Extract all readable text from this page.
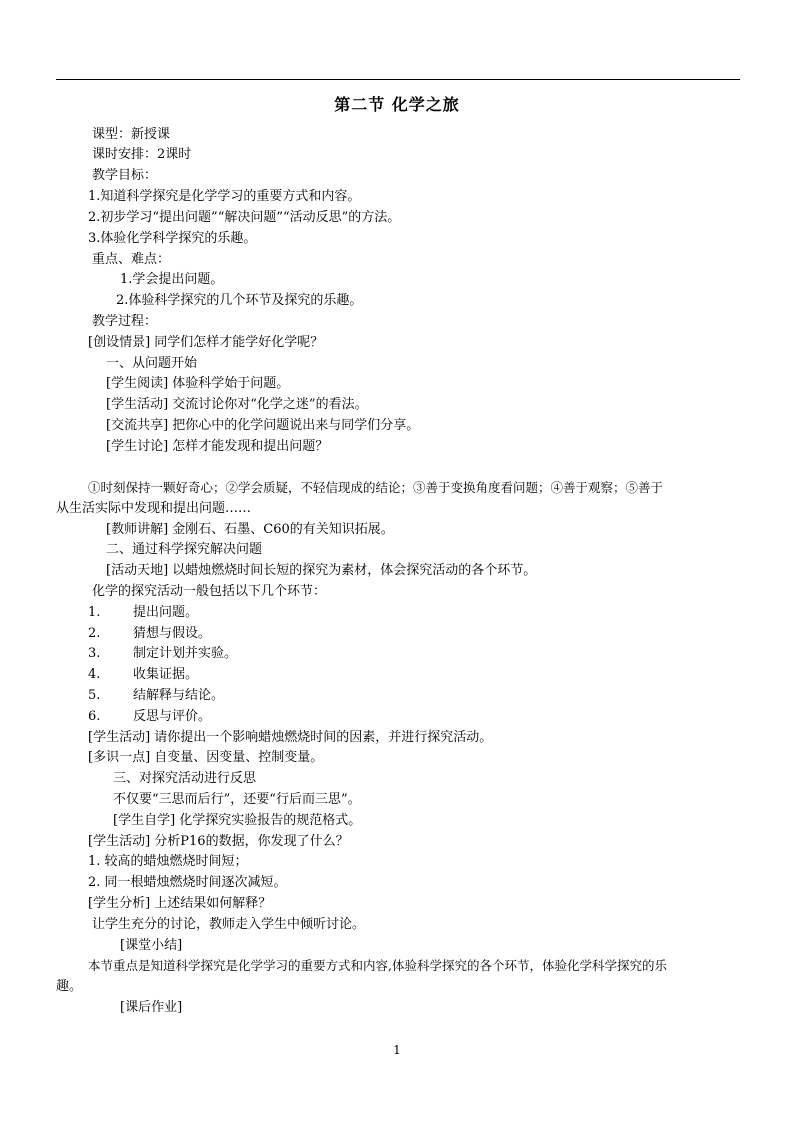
第二节 化学之旅
课型：新授课
课时安排：2课时
教学目标：
1.知道科学探究是化学学习的重要方式和内容。
2.初步学习“提出问题”“解决问题”“活动反思”的方法。
3.体验化学科学探究的乐趣。
重点、难点：
1.学会提出问题。
2.体验科学探究的几个环节及探究的乐趣。
教学过程：
[创设情景] 同学们怎样才能学好化学呢？
一、从问题开始
[学生阅读] 体验科学始于问题。
[学生活动] 交流讨论你对“化学之迷”的看法。
[交流共享] 把你心中的化学问题说出来与同学们分享。
[学生讨论] 怎样才能发现和提出问题？
①时刻保持一颗好奇心；②学会质疑，不轻信现成的结论；③善于变换角度看问题；④善于观察；⑤善于
从生活实际中发现和提出问题……
[教师讲解] 金刚石、石墨、C60的有关知识拓展。
二、通过科学探究解决问题
[活动天地] 以蜡烛燃烧时间长短的探究为素材，体会探究活动的各个环节。
化学的探究活动一般包括以下几个环节：
1.	提出问题。
2.	猜想与假设。
3.	制定计划并实验。
4.	收集证据。
5.	结解释与结论。
6.	反思与评价。
[学生活动] 请你提出一个影响蜡烛燃烧时间的因素，并进行探究活动。
[多识一点] 自变量、因变量、控制变量。
三、对探究活动进行反思
不仅要“三思而后行”，还要“行后而三思”。
[学生自学] 化学探究实验报告的规范格式。
[学生活动] 分析P16的数据，你发现了什么？
1. 较高的蜡烛燃烧时间短；
2. 同一根蜡烛燃烧时间逐次减短。
[学生分析] 上述结果如何解释？
让学生充分的讨论，教师走入学生中倾听讨论。
[课堂小结]
本节重点是知道科学探究是化学学习的重要方式和内容,体验科学探究的各个环节，体验化学科学探究的乐
趣。
[课后作业]
1
